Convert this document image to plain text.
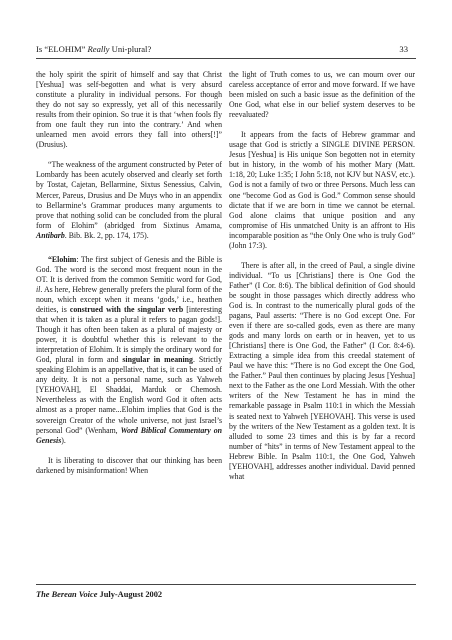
Is “ELOHIM” Really Uni-plural?	33

the holy spirit the spirit of himself and say that Christ [Yeshua] was self-begotten and what is very absurd constitute a plurality in individual persons. For though they do not say so expressly, yet all of this necessarily results from their opinion. So true it is that ‘when fools fly from one fault they run into the contrary.’ And when unlearned men avoid errors they fall into others[!]” (Drusius).

“The weakness of the argument constructed by Peter of Lombardy has been acutely observed and clearly set forth by Tostat, Cajetan, Bellarmine, Sixtus Senessius, Calvin, Mercer, Pareus, Drusius and De Muys who in an appendix to Bellarmine’s Grammar produces many arguments to prove that nothing solid can be concluded from the plural form of Elohim” (abridged from Sixtinus Amama, Antibarb. Bib. Bk. 2, pp. 174, 175).

“Elohim: The first subject of Genesis and the Bible is God. The word is the second most frequent noun in the OT. It is derived from the common Semitic word for God, il. As here, Hebrew generally prefers the plural form of the noun, which except when it means ‘gods,’ i.e., heathen deities, is construed with the singular verb [interesting that when it is taken as a plural it refers to pagan gods!]. Though it has often been taken as a plural of majesty or power, it is doubtful whether this is relevant to the interpretation of Elohim. It is simply the ordinary word for God, plural in form and singular in meaning. Strictly speaking Elohim is an appellative, that is, it can be used of any deity. It is not a personal name, such as Yahweh [YEHOVAH], El Shaddai, Marduk or Chemosh. Nevertheless as with the English word God it often acts almost as a proper name...Elohim implies that God is the sovereign Creator of the whole universe, not just Israel’s personal God” (Wenham, Word Biblical Commentary on Genesis).

It is liberating to discover that our thinking has been darkened by misinformation! When

the light of Truth comes to us, we can mourn over our careless acceptance of error and move forward. If we have been misled on such a basic issue as the definition of the One God, what else in our belief system deserves to be reevaluated?

It appears from the facts of Hebrew grammar and usage that God is strictly a SINGLE DIVINE PERSON. Jesus [Yeshua] is His unique Son begotten not in eternity but in history, in the womb of his mother Mary (Matt. 1:18, 20; Luke 1:35; I John 5:18, not KJV but NASV, etc.). God is not a family of two or three Persons. Much less can one “become God as God is God.” Common sense should dictate that if we are born in time we cannot be eternal. God alone claims that unique position and any compromise of His unmatched Unity is an affront to His incomparable position as “the Only One who is truly God” (John 17:3).

There is after all, in the creed of Paul, a single divine individual. “To us [Christians] there is One God the Father” (I Cor. 8:6). The biblical definition of God should be sought in those passages which directly address who God is. In contrast to the numerically plural gods of the pagans, Paul asserts: “There is no God except One. For even if there are so-called gods, even as there are many gods and many lords on earth or in heaven, yet to us [Christians] there is One God, the Father” (I Cor. 8:4-6). Extracting a simple idea from this creedal statement of Paul we have this: “There is no God except the One God, the Father.” Paul then continues by placing Jesus [Yeshua] next to the Father as the one Lord Messiah. With the other writers of the New Testament he has in mind the remarkable passage in Psalm 110:1 in which the Messiah is seated next to Yahweh [YEHOVAH]. This verse is used by the writers of the New Testament as a golden text. It is alluded to some 23 times and this is by far a record number of “hits” in terms of New Testament appeal to the Hebrew Bible. In Psalm 110:1, the One God, Yahweh [YEHOVAH], addresses another individual. David penned what

The Berean Voice July-August 2002
